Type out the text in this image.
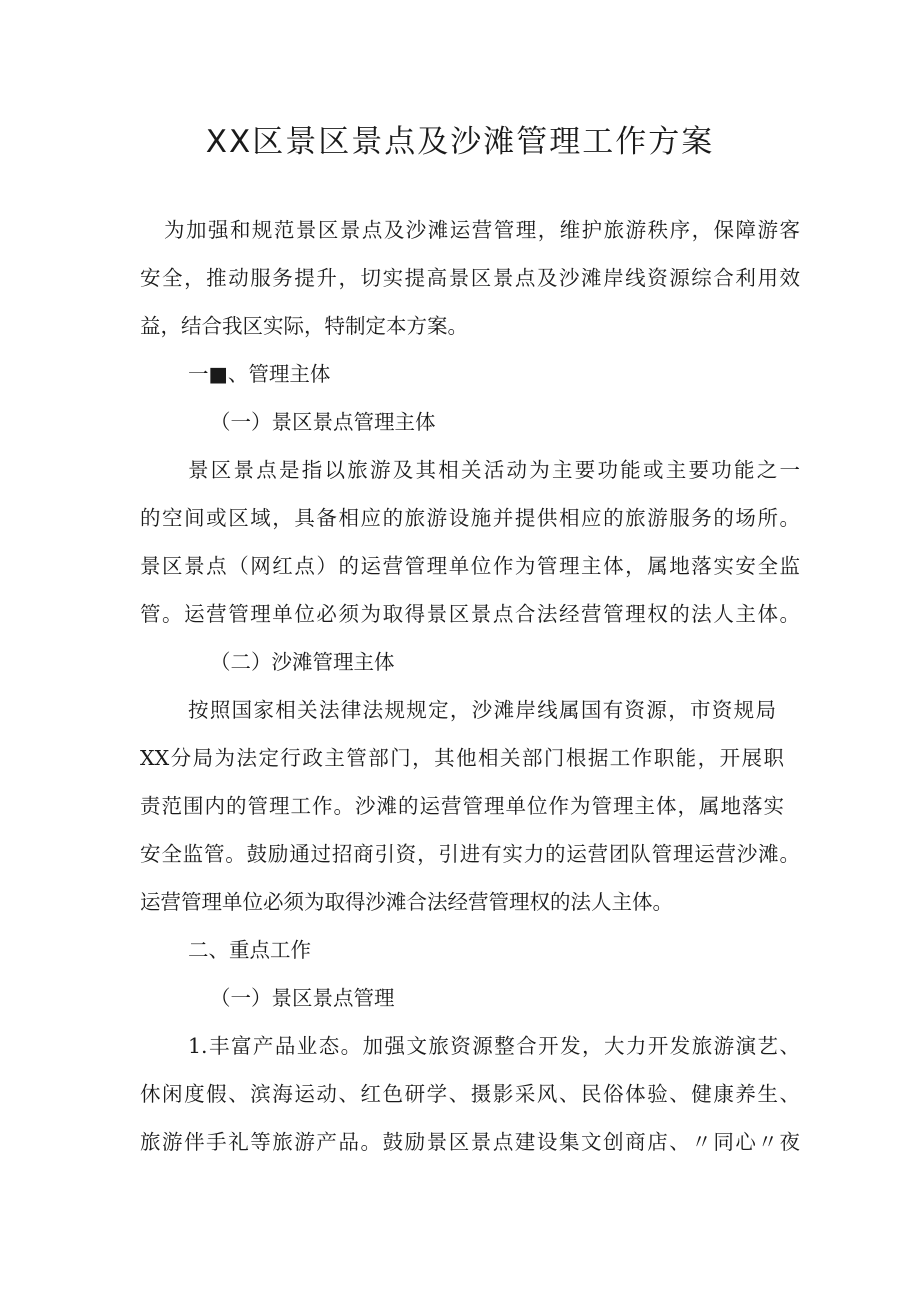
XX区景区景点及沙滩管理工作方案
为加强和规范景区景点及沙滩运营管理，维护旅游秩序，保障游客
安全，推动服务提升，切实提高景区景点及沙滩岸线资源综合利用效
益，结合我区实际，特制定本方案。
一■、管理主体
（一）景区景点管理主体
景区景点是指以旅游及其相关活动为主要功能或主要功能之一
的空间或区域，具备相应的旅游设施并提供相应的旅游服务的场所。
景区景点（网红点）的运营管理单位作为管理主体，属地落实安全监
管。运营管理单位必须为取得景区景点合法经营管理权的法人主体。
（二）沙滩管理主体
按照国家相关法律法规规定，沙滩岸线属国有资源，市资规局
XX分局为法定行政主管部门，其他相关部门根据工作职能，开展职
责范围内的管理工作。沙滩的运营管理单位作为管理主体，属地落实
安全监管。鼓励通过招商引资，引进有实力的运营团队管理运营沙滩。
运营管理单位必须为取得沙滩合法经营管理权的法人主体。
二、重点工作
（一）景区景点管理
1.丰富产品业态。加强文旅资源整合开发，大力开发旅游演艺、
休闲度假、滨海运动、红色研学、摄影采风、民俗体验、健康养生、
旅游伴手礼等旅游产品。鼓励景区景点建设集文创商店、〃同心〃夜
